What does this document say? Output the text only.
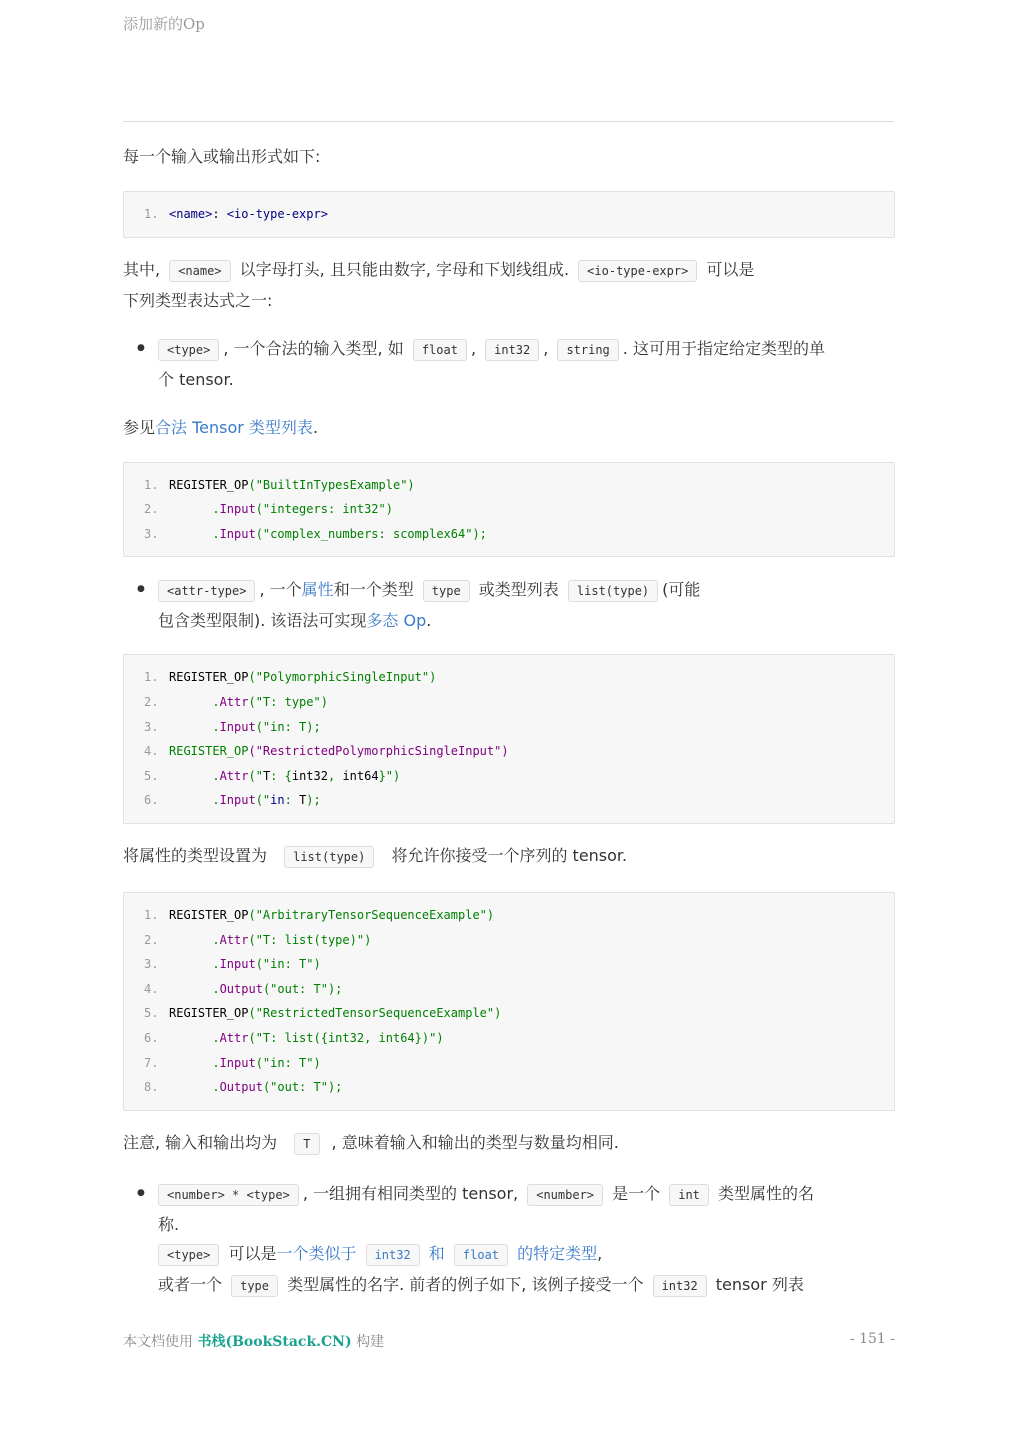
添加新的Op

每一个输入或输出形式如下:

1. <name>: <io-type-expr>

其中, <name> 以字母打头, 且只能由数字, 字母和下划线组成. <io-type-expr> 可以是
下列类型表达式之一:

● <type> , 一个合法的输入类型, 如 float , int32 , string . 这可用于指定给定类型的单
个 tensor.

参见合法 Tensor 类型列表.

1. REGISTER_OP("BuiltInTypesExample")
2.      .Input("integers: int32")
3.      .Input("complex_numbers: scomplex64");
● <attr-type> , 一个属性和一个类型 type 或类型列表 list(type) (可能
包含类型限制). 该语法可实现多态 Op.
1. REGISTER_OP("PolymorphicSingleInput")
2.      .Attr("T: type")
3.      .Input("in: T);
4. REGISTER_OP("RestrictedPolymorphicSingleInput")
5.      .Attr("T: {int32, int64}")
6.      .Input("in: T);

将属性的类型设置为 list(type) 将允许你接受一个序列的 tensor.

1. REGISTER_OP("ArbitraryTensorSequenceExample")
2.      .Attr("T: list(type)")
3.      .Input("in: T")
4.      .Output("out: T");
5. REGISTER_OP("RestrictedTensorSequenceExample")
6.      .Attr("T: list({int32, int64})")
7.      .Input("in: T")
8.      .Output("out: T");

注意, 输入和输出均为 T , 意味着输入和输出的类型与数量均相同.

● <number> * <type> , 一组拥有相同类型的 tensor, <number> 是一个 int 类型属性的名
称.
<type> 可以是一个类似于 int32 和 float 的特定类型,
或者一个 type 类型属性的名字. 前者的例子如下, 该例子接受一个 int32 tensor 列表
本文档使用 书栈(BookStack.CN) 构建	- 151 -
